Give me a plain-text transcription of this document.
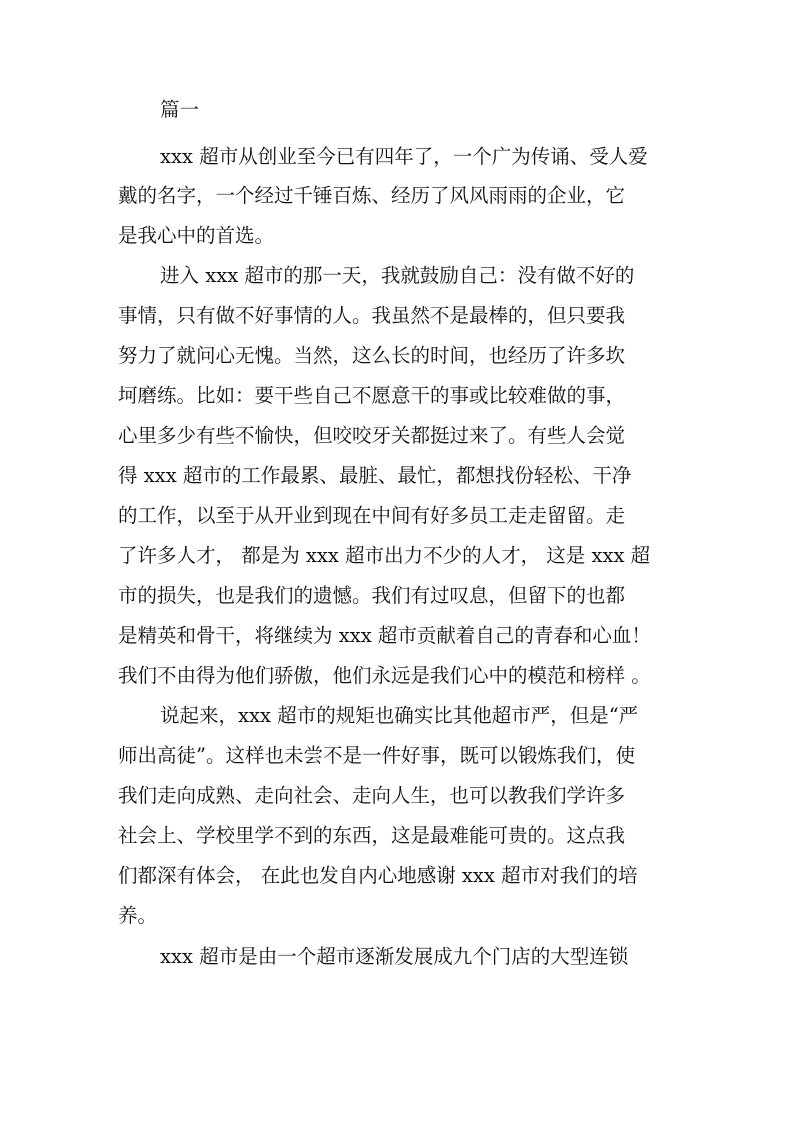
篇一
xxx 超市从创业至今已有四年了，一个广为传诵、受人爱
戴的名字，一个经过千锤百炼、经历了风风雨雨的企业，它
是我心中的首选。
进入 xxx 超市的那一天，我就鼓励自己：没有做不好的
事情，只有做不好事情的人。我虽然不是最棒的，但只要我
努力了就问心无愧。当然，这么长的时间，也经历了许多坎
坷磨练。比如：要干些自己不愿意干的事或比较难做的事，
心里多少有些不愉快，但咬咬牙关都挺过来了。有些人会觉
得 xxx 超市的工作最累、最脏、最忙，都想找份轻松、干净
的工作，以至于从开业到现在中间有好多员工走走留留。走
了许多人才， 都是为 xxx 超市出力不少的人才， 这是 xxx 超
市的损失，也是我们的遗憾。我们有过叹息，但留下的也都
是精英和骨干，将继续为 xxx 超市贡献着自己的青春和心血！
我们不由得为他们骄傲，他们永远是我们心中的模范和榜样 。
说起来，xxx 超市的规矩也确实比其他超市严，但是“严
师出高徒”。这样也未尝不是一件好事，既可以锻炼我们，使
我们走向成熟、走向社会、走向人生，也可以教我们学许多
社会上、学校里学不到的东西，这是最难能可贵的。这点我
们都深有体会， 在此也发自内心地感谢 xxx 超市对我们的培
养。
xxx 超市是由一个超市逐渐发展成九个门店的大型连锁
